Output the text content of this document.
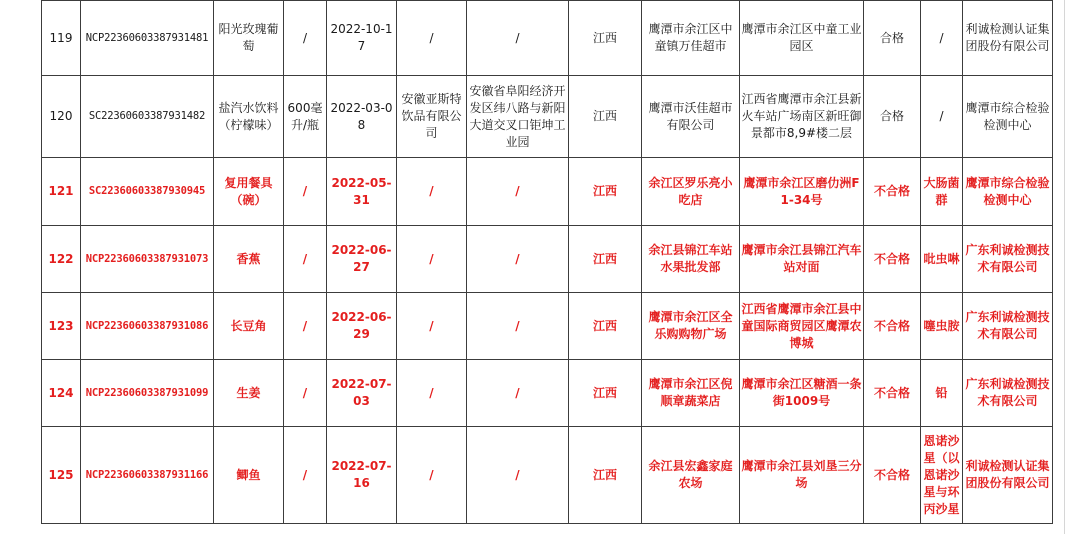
119	NCP22360603387931481	阳光玫瑰葡萄	/	2022-10-17	/	/	江西	鹰潭市余江区中童镇万佳超市	鹰潭市余江区中童工业园区	合格	/	利诚检测认证集团股份有限公司
120	SC22360603387931482	盐汽水饮料（柠檬味）	600毫升/瓶	2022-03-08	安徽亚斯特饮品有限公司	安徽省阜阳经济开发区纬八路与新阳大道交叉口钜坤工业园	江西	鹰潭市沃佳超市有限公司	江西省鹰潭市余江县新火车站广场南区新旺御景都市8,9#楼二层	合格	/	鹰潭市综合检验检测中心
121	SC22360603387930945	复用餐具（碗）	/	2022-05-31	/	/	江西	余江区罗乐亮小吃店	鹰潭市余江区磨仂洲F1-34号	不合格	大肠菌群	鹰潭市综合检验检测中心
122	NCP22360603387931073	香蕉	/	2022-06-27	/	/	江西	余江县锦江车站水果批发部	鹰潭市余江县锦江汽车站对面	不合格	吡虫啉	广东利诚检测技术有限公司
123	NCP22360603387931086	长豆角	/	2022-06-29	/	/	江西	鹰潭市余江区全乐购购物广场	江西省鹰潭市余江县中童国际商贸园区鹰潭农博城	不合格	噻虫胺	广东利诚检测技术有限公司
124	NCP22360603387931099	生姜	/	2022-07-03	/	/	江西	鹰潭市余江区倪顺章蔬菜店	鹰潭市余江区糖酒一条街1009号	不合格	铅	广东利诚检测技术有限公司
125	NCP22360603387931166	鲫鱼	/	2022-07-16	/	/	江西	余江县宏鑫家庭农场	鹰潭市余江县刘垦三分场	不合格	恩诺沙星（以恩诺沙星与环丙沙星	利诚检测认证集团股份有限公司
